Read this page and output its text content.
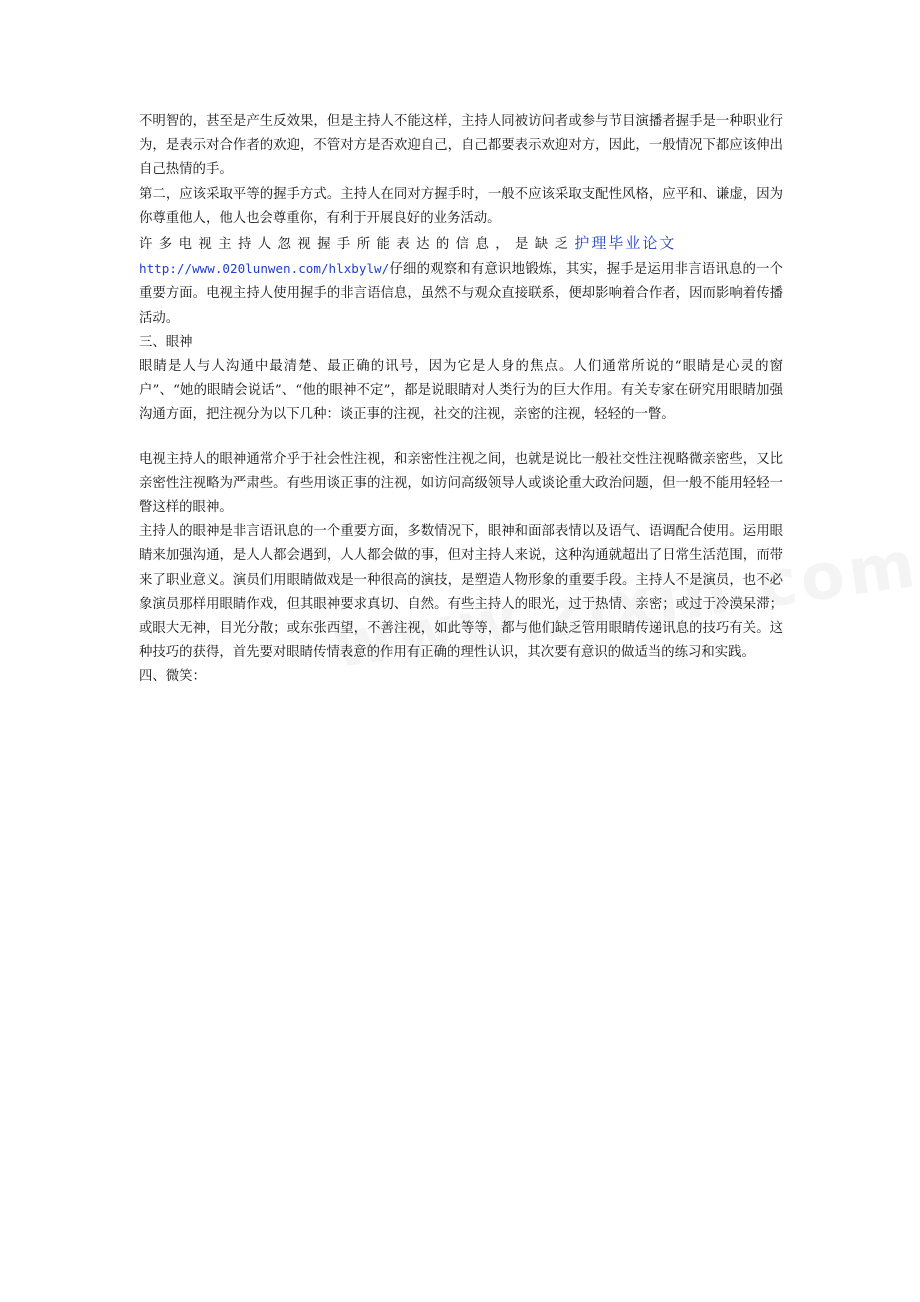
不明智的，甚至是产生反效果，但是主持人不能这样，主持人同被访问者或参与节目演播者握手是一种职业行为，是表示对合作者的欢迎，不管对方是否欢迎自己，自己都要表示欢迎对方，因此，一般情况下都应该伸出自己热情的手。

第二，应该采取平等的握手方式。主持人在同对方握手时，一般不应该采取支配性风格，应平和、谦虚，因为你尊重他人，他人也会尊重你，有利于开展良好的业务活动。

许多电视主持人忽视握手所能表达的信息，是缺乏护理毕业论文
http://www.020lunwen.com/hlxbylw/仔细的观察和有意识地锻炼，其实，握手是运用非言语讯息的一个重要方面。电视主持人使用握手的非言语信息，虽然不与观众直接联系，便却影响着合作者，因而影响着传播活动。

三、眼神

眼睛是人与人沟通中最清楚、最正确的讯号，因为它是人身的焦点。人们通常所说的“眼睛是心灵的窗户”、“她的眼睛会说话”、“他的眼神不定”，都是说眼睛对人类行为的巨大作用。有关专家在研究用眼睛加强沟通方面，把注视分为以下几种：谈正事的注视，社交的注视，亲密的注视，轻轻的一瞥。

电视主持人的眼神通常介乎于社会性注视，和亲密性注视之间，也就是说比一般社交性注视略微亲密些，又比亲密性注视略为严肃些。有些用谈正事的注视，如访问高级领导人或谈论重大政治问题，但一般不能用轻轻一瞥这样的眼神。

主持人的眼神是非言语讯息的一个重要方面，多数情况下，眼神和面部表情以及语气、语调配合使用。运用眼睛来加强沟通，是人人都会遇到，人人都会做的事，但对主持人来说，这种沟通就超出了日常生活范围，而带来了职业意义。演员们用眼睛做戏是一种很高的演技，是塑造人物形象的重要手段。主持人不是演员，也不必象演员那样用眼睛作戏，但其眼神要求真切、自然。有些主持人的眼光，过于热情、亲密；或过于冷漠呆滞；或眼大无神，目光分散；或东张西望，不善注视，如此等等，都与他们缺乏管用眼睛传递讯息的技巧有关。这种技巧的获得，首先要对眼睛传情表意的作用有正确的理性认识，其次要有意识的做适当的练习和实践。

四、微笑：
